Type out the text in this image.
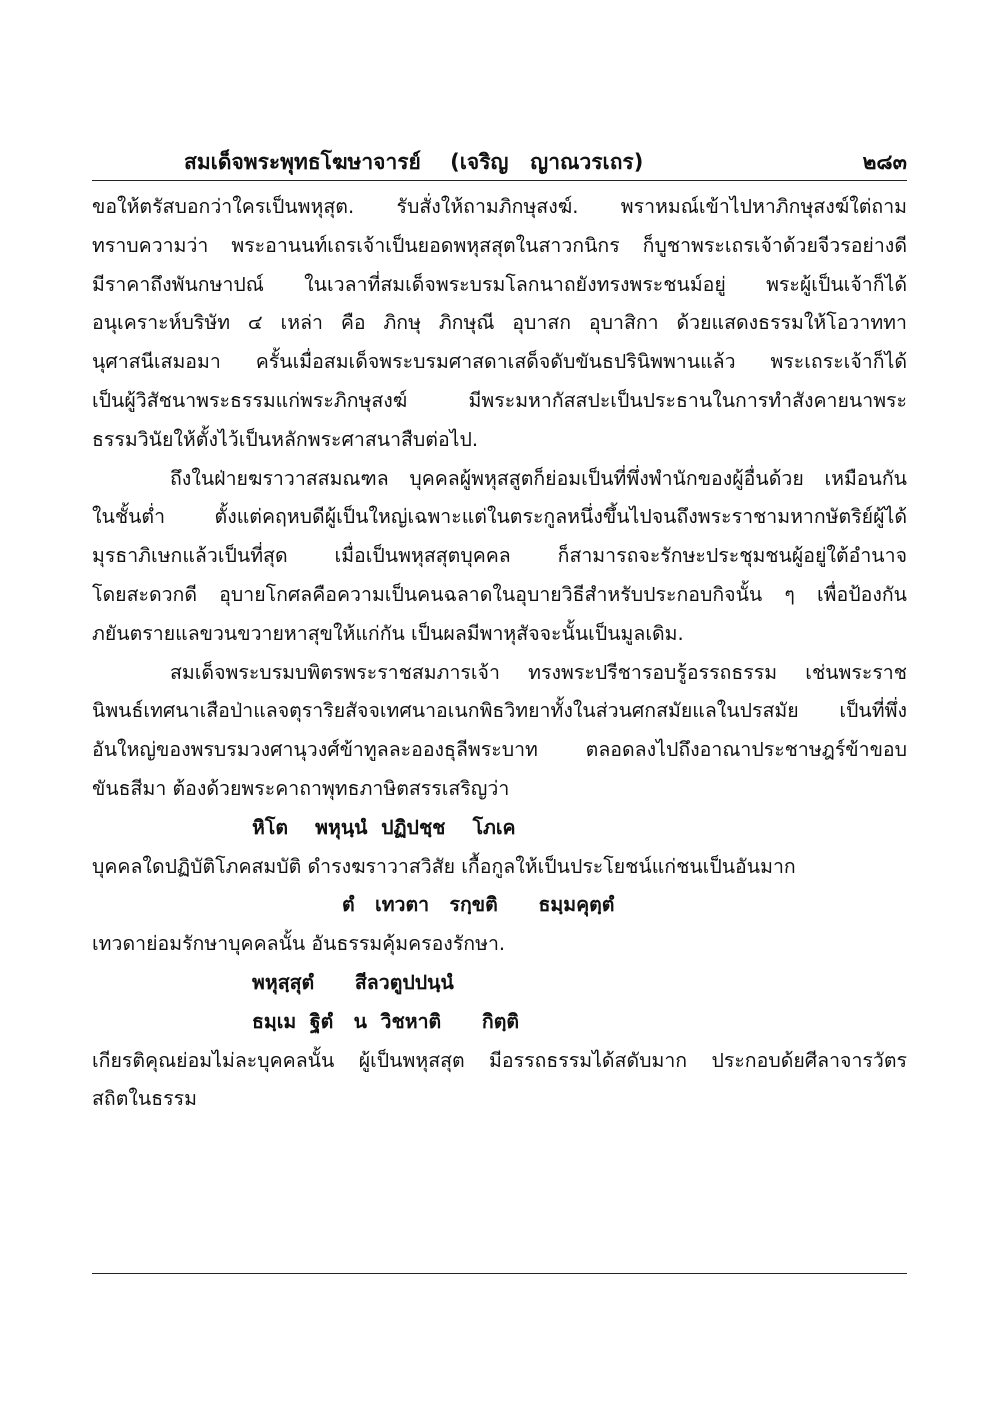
สมเด็จพระพุทธโฆษาจารย์    (เจริญ   ญาณวรเถร)	๒๘๓
ขอให้ตรัสบอกว่าใครเป็นพหุสุต. รับสั่งให้ถามภิกษุสงฆ์. พราหมณ์เข้าไปหาภิกษุสงฆ์ใต่ถาม
ทราบความว่า พระอานนท์เถรเจ้าเป็นยอดพหุสสุตในสาวกนิกร ก็บูชาพระเถรเจ้าด้วยจีวรอย่างดี
มีราคาถึงพันกษาปณ์ ในเวลาที่สมเด็จพระบรมโลกนาถยังทรงพระชนม์อยู่ พระผู้เป็นเจ้าก็ได้
อนุเคราะห์บริษัท ๔ เหล่า คือ ภิกษุ ภิกษุณี อุบาสก อุบาสิกา ด้วยแสดงธรรมให้โอวาททา
นุศาสนีเสมอมา ครั้นเมื่อสมเด็จพระบรมศาสดาเสด็จดับขันธปรินิพพานแล้ว พระเถระเจ้าก็ได้
เป็นผู้วิสัชนาพระธรรมแก่พระภิกษุสงฆ์ มีพระมหากัสสปะเป็นประธานในการทำสังคายนาพระ
ธรรมวินัยให้ตั้งไว้เป็นหลักพระศาสนาสืบต่อไป.
ถึงในฝ่ายฆราวาสสมณฑล บุคคลผู้พหุสสูตก็ย่อมเป็นที่พึ่งพำนักของผู้อื่นด้วย เหมือนกัน
ในชั้นต่ำ ตั้งแต่คฤหบดีผู้เป็นใหญ่เฉพาะแต่ในตระกูลหนึ่งขึ้นไปจนถึงพระราชามหากษัตริย์ผู้ได้
มุรธาภิเษกแล้วเป็นที่สุด เมื่อเป็นพหุสสุตบุคคล ก็สามารถจะรักษะประชุมชนผู้อยู่ใต้อำนาจ
โดยสะดวกดี อุบายโกศลคือความเป็นคนฉลาดในอุบายวิธีสำหรับประกอบกิจนั้น ๆ เพื่อป้องกัน
ภยันตรายแลขวนขวายหาสุขให้แก่กัน เป็นผลมีพาหุสัจจะนั้นเป็นมูลเดิม.
สมเด็จพระบรมบพิตรพระราชสมภารเจ้า ทรงพระปรีชารอบรู้อรรถธรรม เช่นพระราช
นิพนธ์เทศนาเสือป่าแลจตุราริยสัจจเทศนาอเนกพิธวิทยาทั้งในส่วนศกสมัยแลในปรสมัย เป็นที่พึ่ง
อันใหญ่ของพรบรมวงศานุวงศ์ข้าทูลละอองธุลีพระบาท ตลอดลงไปถึงอาณาประชาษฎร์ข้าขอบ
ขันธสีมา ต้องด้วยพระคาถาพุทธภาษิตสรรเสริญว่า
หิโต    พหุนฺนํ  ปฏิปชฺช    โภเค
บุคคลใดปฏิบัติโภคสมบัติ ดำรงฆราวาสวิสัย เกื้อกูลให้เป็นประโยชน์แก่ชนเป็นอันมาก
ตํ   เทวตา   รกฺขติ      ธมฺมคุตฺตํ
เทวดาย่อมรักษาบุคคลนั้น อันธรรมคุ้มครองรักษา.
พหุสฺสุตํ      สีลวตูปปนฺนํ
ธมฺเม  ฐิตํ   น  วิชหาติ      กิตฺติ
เกียรติคุณย่อมไม่ละบุคคลนั้น ผู้เป็นพหุสสุต มีอรรถธรรมได้สดับมาก ประกอบด้ยศีลาจารวัตร
สถิตในธรรม
